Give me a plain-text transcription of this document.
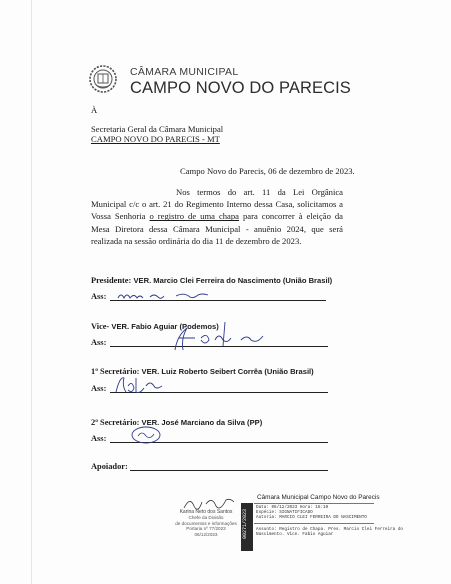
CÂMARA MUNICIPAL
CAMPO NOVO DO PARECIS
À
Secretaria Geral da Câmara Municipal
CAMPO NOVO DO PARECIS - MT
Campo Novo do Parecis, 06 de dezembro de 2023.
Nos termos do art. 11 da Lei Orgânica Municipal c/c o art. 21 do Regimento Interno dessa Casa, solicitamos a Vossa Senhoria o registro de uma chapa para concorrer à eleição da Mesa Diretora dessa Câmara Municipal - anuênio 2024, que será realizada na sessão ordinária do dia 11 de dezembro de 2023.
Presidente: VER. Marcio Clei Ferreira do Nascimento (União Brasil)
Ass:
Vice- VER. Fabio Aguiar (Podemos)
Ass:
1º Secretário: VER. Luiz Roberto Seibert Corrêa (União Brasil)
Ass:
2º Secretário: VER. José Marciano da Silva (PP)
Ass:
Apoiador:
Karina Neto dos Santos
Chefe da Divisão
de documentos e informações
Portaria nº 77/2023
06/12/2023
Câmara Municipal Campo Novo do Parecis
00271/2023
Data: 06/12/2023 Hora: 15:10
Espécie: SIGNATIFICADO
Autoria: MARCIO CLEI FERREIRA DO NASCIMENTO
Assunto: Registro de Chapa. Pres. Marcio Clei Ferreira do
Nascimento. Vice. Fabio Aguiar
